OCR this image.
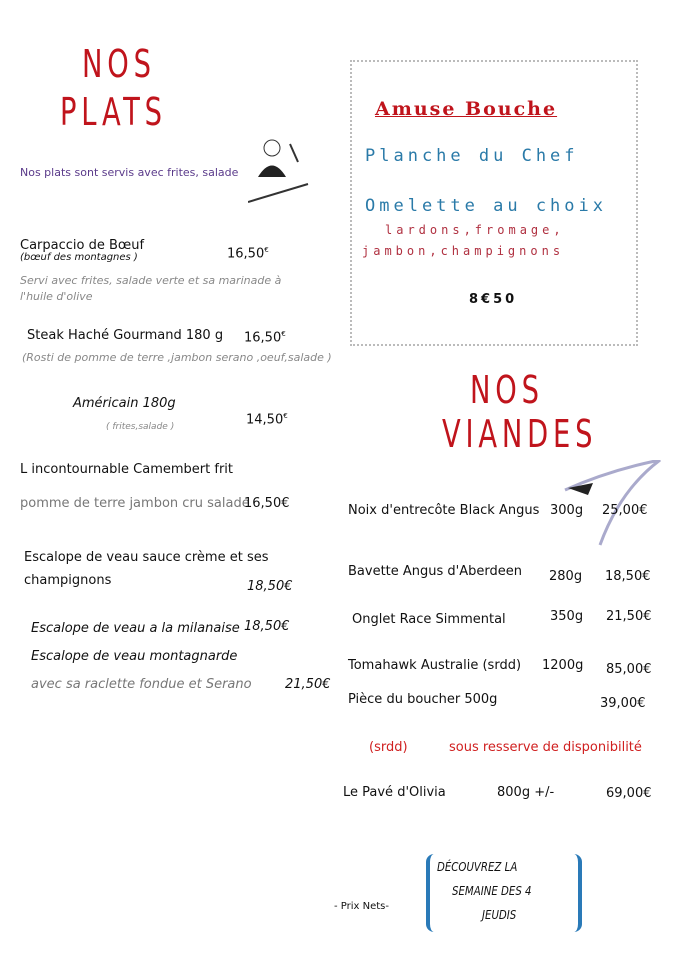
NOS
PLATS
Nos plats sont servis avec frites, salade
Carpaccio de Bœuf
(bœuf des montagnes )	16,50€
Servi avec frites, salade verte et sa marinade à
l'huile d'olive
Steak Haché Gourmand 180 g 16,50€
(Rosti de pomme de terre ,jambon serano ,oeuf,salade )
Américain 180g
( frites,salade )	14,50€
L incontournable Camembert frit
pomme de terre jambon cru salade
16,50€
Escalope de veau sauce crème et ses
champignons	18,50€
Escalope de veau a la milanaise 18,50€
Escalope de veau montagnarde
avec sa raclette fondue et Serano	21,50€
Amuse Bouche
Planche du Chef
Omelette au choix
lardons,fromage,
jambon,champignons
8€50
NOS
VIANDES
Noix d'entrecôte Black Angus 300g 25,00€
Bavette Angus d'Aberdeen 280g 18,50€
Onglet Race Simmental	350g 21,50€
Tomahawk Australie (srdd) 1200g 85,00€
Pièce du boucher 500g	39,00€
(srdd)	sous resserve de disponibilité
Le Pavé d'Olivia	800g +/-	69,00€
- Prix Nets-
DÉCOUVREZ LA
SEMAINE DES 4
JEUDIS
